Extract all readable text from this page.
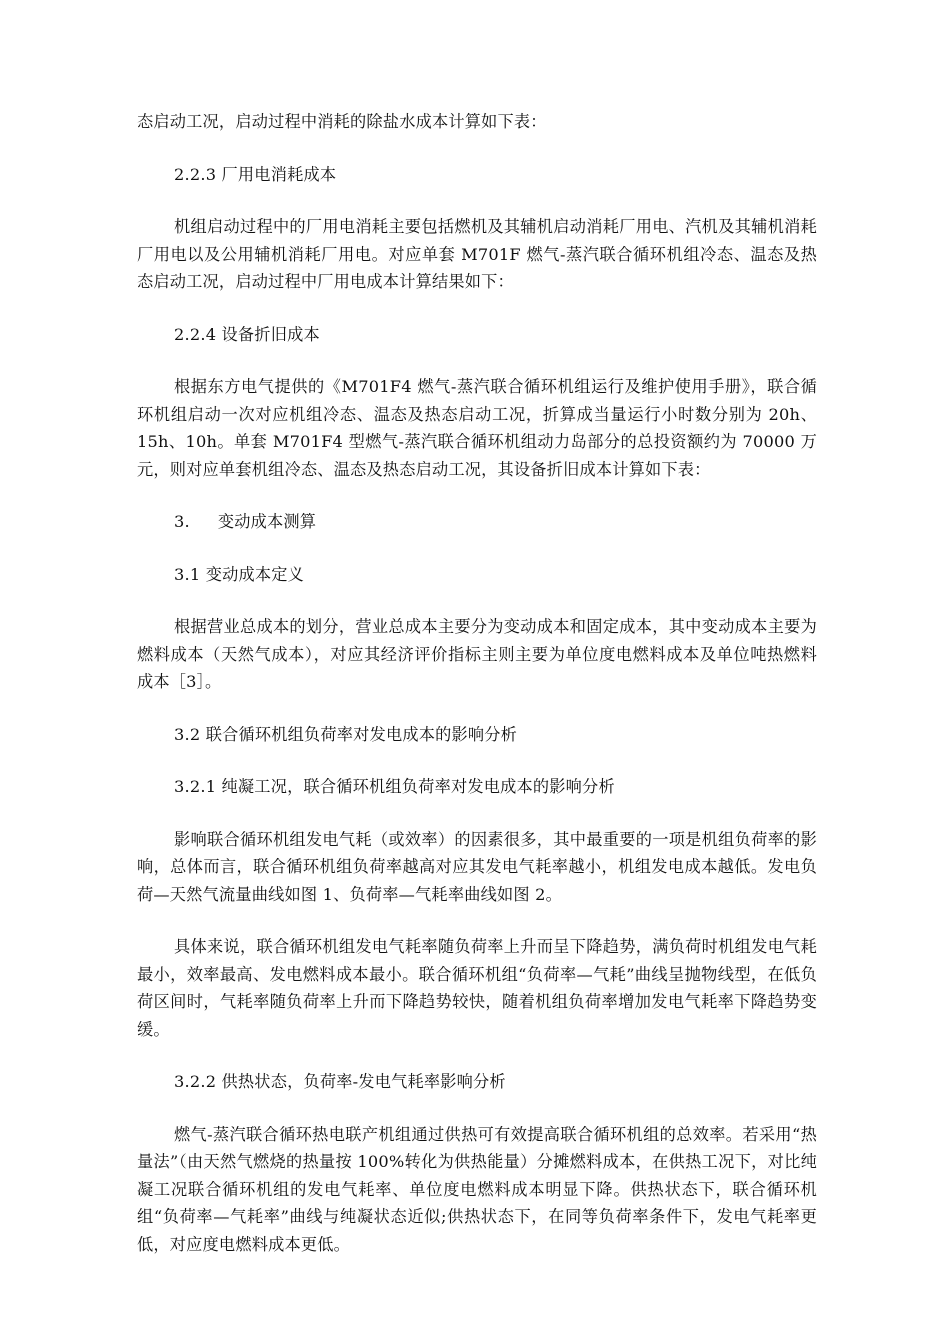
态启动工况，启动过程中消耗的除盐水成本计算如下表：

2.2.3 厂用电消耗成本

机组启动过程中的厂用电消耗主要包括燃机及其辅机启动消耗厂用电、汽机及其辅机消耗厂用电以及公用辅机消耗厂用电。对应单套 M701F 燃气-蒸汽联合循环机组冷态、温态及热态启动工况，启动过程中厂用电成本计算结果如下：

2.2.4 设备折旧成本

根据东方电气提供的《M701F4 燃气-蒸汽联合循环机组运行及维护使用手册》，联合循环机组启动一次对应机组冷态、温态及热态启动工况，折算成当量运行小时数分别为 20h、15h、10h。单套 M701F4 型燃气-蒸汽联合循环机组动力岛部分的总投资额约为 70000 万元，则对应单套机组冷态、温态及热态启动工况，其设备折旧成本计算如下表：

3. 变动成本测算
3.1 变动成本定义

根据营业总成本的划分，营业总成本主要分为变动成本和固定成本，其中变动成本主要为燃料成本（天然气成本），对应其经济评价指标主则主要为单位度电燃料成本及单位吨热燃料成本［3］。

3.2 联合循环机组负荷率对发电成本的影响分析
3.2.1 纯凝工况，联合循环机组负荷率对发电成本的影响分析

影响联合循环机组发电气耗（或效率）的因素很多，其中最重要的一项是机组负荷率的影响，总体而言，联合循环机组负荷率越高对应其发电气耗率越小，机组发电成本越低。发电负荷—天然气流量曲线如图 1、负荷率—气耗率曲线如图 2。

具体来说，联合循环机组发电气耗率随负荷率上升而呈下降趋势，满负荷时机组发电气耗最小，效率最高、发电燃料成本最小。联合循环机组“负荷率—气耗”曲线呈抛物线型，在低负荷区间时，气耗率随负荷率上升而下降趋势较快，随着机组负荷率增加发电气耗率下降趋势变缓。

3.2.2 供热状态，负荷率-发电气耗率影响分析

燃气-蒸汽联合循环热电联产机组通过供热可有效提高联合循环机组的总效率。若采用“热量法”（由天然气燃烧的热量按 100%转化为供热能量）分摊燃料成本，在供热工况下，对比纯凝工况联合循环机组的发电气耗率、单位度电燃料成本明显下降。供热状态下，联合循环机组“负荷率—气耗率”曲线与纯凝状态近似;供热状态下，在同等负荷率条件下，发电气耗率更低，对应度电燃料成本更低。
